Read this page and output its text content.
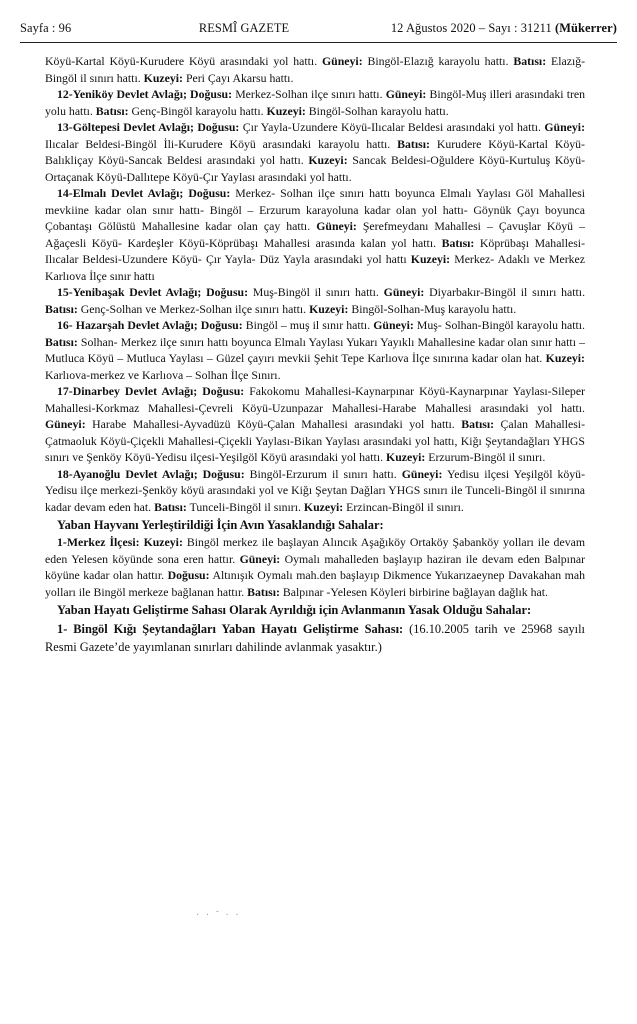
Sayfa : 96	RESMÎ GAZETE	12 Ağustos 2020 – Sayı : 31211 (Mükerrer)

Köyü-Kartal Köyü-Kurudere Köyü arasındaki yol hattı. Güneyi: Bingöl-Elazığ karayolu hattı. Batısı: Elazığ-Bingöl il sınırı hattı. Kuzeyi: Peri Çayı Akarsu hattı.

12-Yeniköy Devlet Avlağı; Doğusu: Merkez-Solhan ilçe sınırı hattı. Güneyi: Bingöl-Muş illeri arasındaki tren yolu hattı. Batısı: Genç-Bingöl karayolu hattı. Kuzeyi: Bingöl-Solhan karayolu hattı.

13-Göltepesi Devlet Avlağı; Doğusu: Çır Yayla-Uzundere Köyü-Ilıcalar Beldesi arasındaki yol hattı. Güneyi: Ilıcalar Beldesi-Bingöl İli-Kurudere Köyü arasındaki karayolu hattı. Batısı: Kurudere Köyü-Kartal Köyü-Balıkliçay Köyü-Sancak Beldesi arasındaki yol hattı. Kuzeyi: Sancak Beldesi-Oğuldere Köyü-Kurtuluş Köyü-Ortaçanak Köyü-Dallıtepe Köyü-Çır Yaylası arasındaki yol hattı.

14-Elmalı Devlet Avlağı; Doğusu: Merkez- Solhan ilçe sınırı hattı boyunca Elmalı Yaylası Göl Mahallesi mevkiine kadar olan sınır hattı- Bingöl – Erzurum karayoluna kadar olan yol hattı- Göynük Çayı boyunca Çobantaşı Gölüstü Mahallesine kadar olan çay hattı. Güneyi: Şerefmeydanı Mahallesi – Çavuşlar Köyü – Ağaçesli Köyü- Kardeşler Köyü-Köprübaşı Mahallesi arasında kalan yol hattı. Batısı: Köprübaşı Mahallesi- Ilıcalar Beldesi-Uzundere Köyü- Çır Yayla- Düz Yayla arasındaki yol hattı Kuzeyi: Merkez- Adaklı ve Merkez Karlıova İlçe sınır hattı

15-Yenibaşak Devlet Avlağı; Doğusu: Muş-Bingöl il sınırı hattı. Güneyi: Diyarbakır-Bingöl il sınırı hattı. Batısı: Genç-Solhan ve Merkez-Solhan ilçe sınırı hattı. Kuzeyi: Bingöl-Solhan-Muş karayolu hattı.

16- Hazarşah Devlet Avlağı; Doğusu: Bingöl – muş il sınır hattı. Güneyi: Muş- Solhan-Bingöl karayolu hattı. Batısı: Solhan- Merkez ilçe sınırı hattı boyunca Elmalı Yaylası Yukarı Yayıklı Mahallesine kadar olan sınır hattı – Mutluca Köyü – Mutluca Yaylası – Güzel çayırı mevkii Şehit Tepe Karlıova İlçe sınırına kadar olan hat. Kuzeyi: Karlıova-merkez ve Karlıova – Solhan İlçe Sınırı.

17-Dinarbey Devlet Avlağı; Doğusu: Fakokomu Mahallesi-Kaynarpınar Köyü-Kaynarpınar Yaylası-Sileper Mahallesi-Korkmaz Mahallesi-Çevreli Köyü-Uzunpazar Mahallesi-Harabe Mahallesi arasındaki yol hattı. Güneyi: Harabe Mahallesi-Ayvadüzü Köyü-Çalan Mahallesi arasındaki yol hattı. Batısı: Çalan Mahallesi-Çatmaoluk Köyü-Çiçekli Mahallesi-Çiçekli Yaylası-Bikan Yaylası arasındaki yol hattı, Kiğı Şeytandağları YHGS sınırı ve Şenköy Köyü-Yedisu ilçesi-Yeşilgöl Köyü arasındaki yol hattı. Kuzeyi: Erzurum-Bingöl il sınırı.

18-Ayanoğlu Devlet Avlağı; Doğusu: Bingöl-Erzurum il sınırı hattı. Güneyi: Yedisu ilçesi Yeşilgöl köyü- Yedisu ilçe merkezi-Şenköy köyü arasındaki yol ve Kiğı Şeytan Dağları YHGS sınırı ile Tunceli-Bingöl il sınırına kadar devam eden hat. Batısı: Tunceli-Bingöl il sınırı. Kuzeyi: Erzincan-Bingöl il sınırı.

Yaban Hayvanı Yerleştirildiği İçin Avın Yasaklandığı Sahalar:

1-Merkez İlçesi: Kuzeyi: Bingöl merkez ile başlayan Alıncık Aşağıköy Ortaköy Şabanköy yolları ile devam eden Yelesen köyünde sona eren hattır. Güneyi: Oymalı mahalleden başlayıp haziran ile devam eden Balpınar köyüne kadar olan hattır. Doğusu: Altınışık Oymalı mah.den başlayıp Dikmence Yukarızaeynep Davakahan mah yolları ile Bingöl merkeze bağlanan hattır. Batısı: Balpınar -Yelesen Köyleri birbirine bağlayan dağlık hat.

Yaban Hayatı Geliştirme Sahası Olarak Ayrıldığı için Avlanmanın Yasak Olduğu Sahalar:

1- Bingöl Kığı Şeytandağları Yaban Hayatı Geliştirme Sahası: (16.10.2005 tarih ve 25968 sayılı Resmi Gazete’de yayımlanan sınırları dahilinde avlanmak yasaktır.)

· · ˜ · ·
